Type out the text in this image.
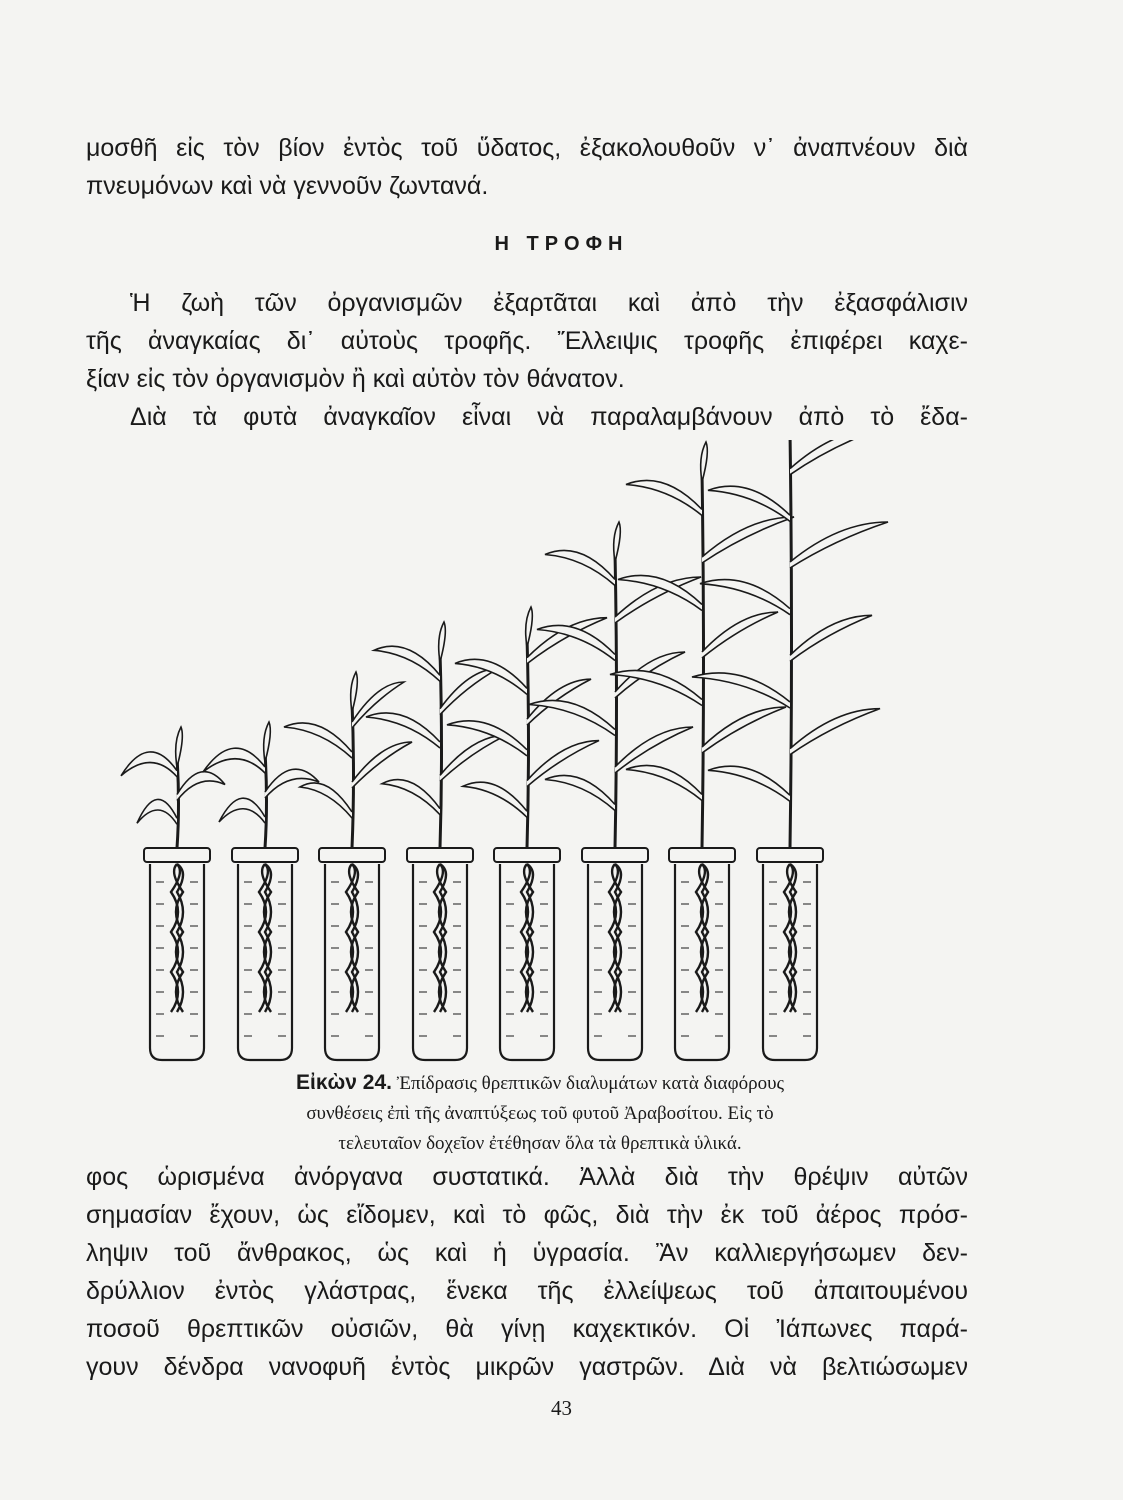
μοσθῆ εἰς τὸν βίον ἐντὸς τοῦ ὕδατος, ἐξακολουθοῦν ν᾽ ἀναπνέουν διὰ
πνευμόνων καὶ νὰ γεννοῦν ζωντανά.
Η ΤΡΟΦΗ
Ἡ ζωὴ τῶν ὀργανισμῶν ἐξαρτᾶται καὶ ἀπὸ τὴν ἐξασφάλισιν
τῆς ἀναγκαίας δι᾽ αὐτοὺς τροφῆς. Ἔλλειψις τροφῆς ἐπιφέρει καχε-
ξίαν εἰς τὸν ὀργανισμὸν ἢ καὶ αὐτὸν τὸν θάνατον.
Διὰ τὰ φυτὰ ἀναγκαῖον εἶναι νὰ παραλαμβάνουν ἀπὸ τὸ ἔδα-
Εἰκὼν 24. Ἐπίδρασις θρεπτικῶν διαλυμάτων κατὰ διαφόρους
συνθέσεις ἐπὶ τῆς ἀναπτύξεως τοῦ φυτοῦ Ἀραβοσίτου. Εἰς τὸ
τελευταῖον δοχεῖον ἐτέθησαν ὅλα τὰ θρεπτικὰ ὑλικά.
φος ὡρισμένα ἀνόργανα συστατικά. Ἀλλὰ διὰ τὴν θρέψιν αὐτῶν
σημασίαν ἔχουν, ὡς εἴδομεν, καὶ τὸ φῶς, διὰ τὴν ἐκ τοῦ ἀέρος πρόσ-
ληψιν τοῦ ἄνθρακος, ὡς καὶ ἡ ὑγρασία. Ἂν καλλιεργήσωμεν δεν-
δρύλλιον ἐντὸς γλάστρας, ἕνεκα τῆς ἐλλείψεως τοῦ ἀπαιτουμένου
ποσοῦ θρεπτικῶν οὐσιῶν, θὰ γίνῃ καχεκτικόν. Οἱ Ἰάπωνες παρά-
γουν δένδρα νανοφυῆ ἐντὸς μικρῶν γαστρῶν. Διὰ νὰ βελτιώσωμεν
43
